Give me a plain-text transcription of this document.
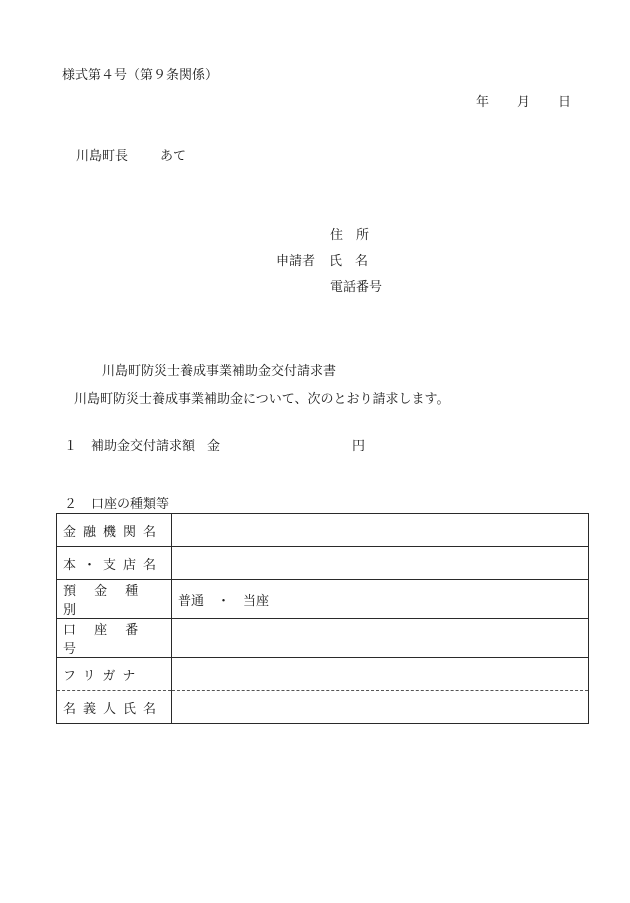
様式第４号（第９条関係）
年 月 日
川島町長 あて
住　所
申請者 氏　名
電話番号
川島町防災士養成事業補助金交付請求書
川島町防災士養成事業補助金について、次のとおり請求します。
１ 補助金交付請求額 金	円
２ 口座の種類等
金融機関名	
本・支店名	
預 金 種 別	普通　・　当座
口 座 番 号	
フリガナ	
名義人氏名	
